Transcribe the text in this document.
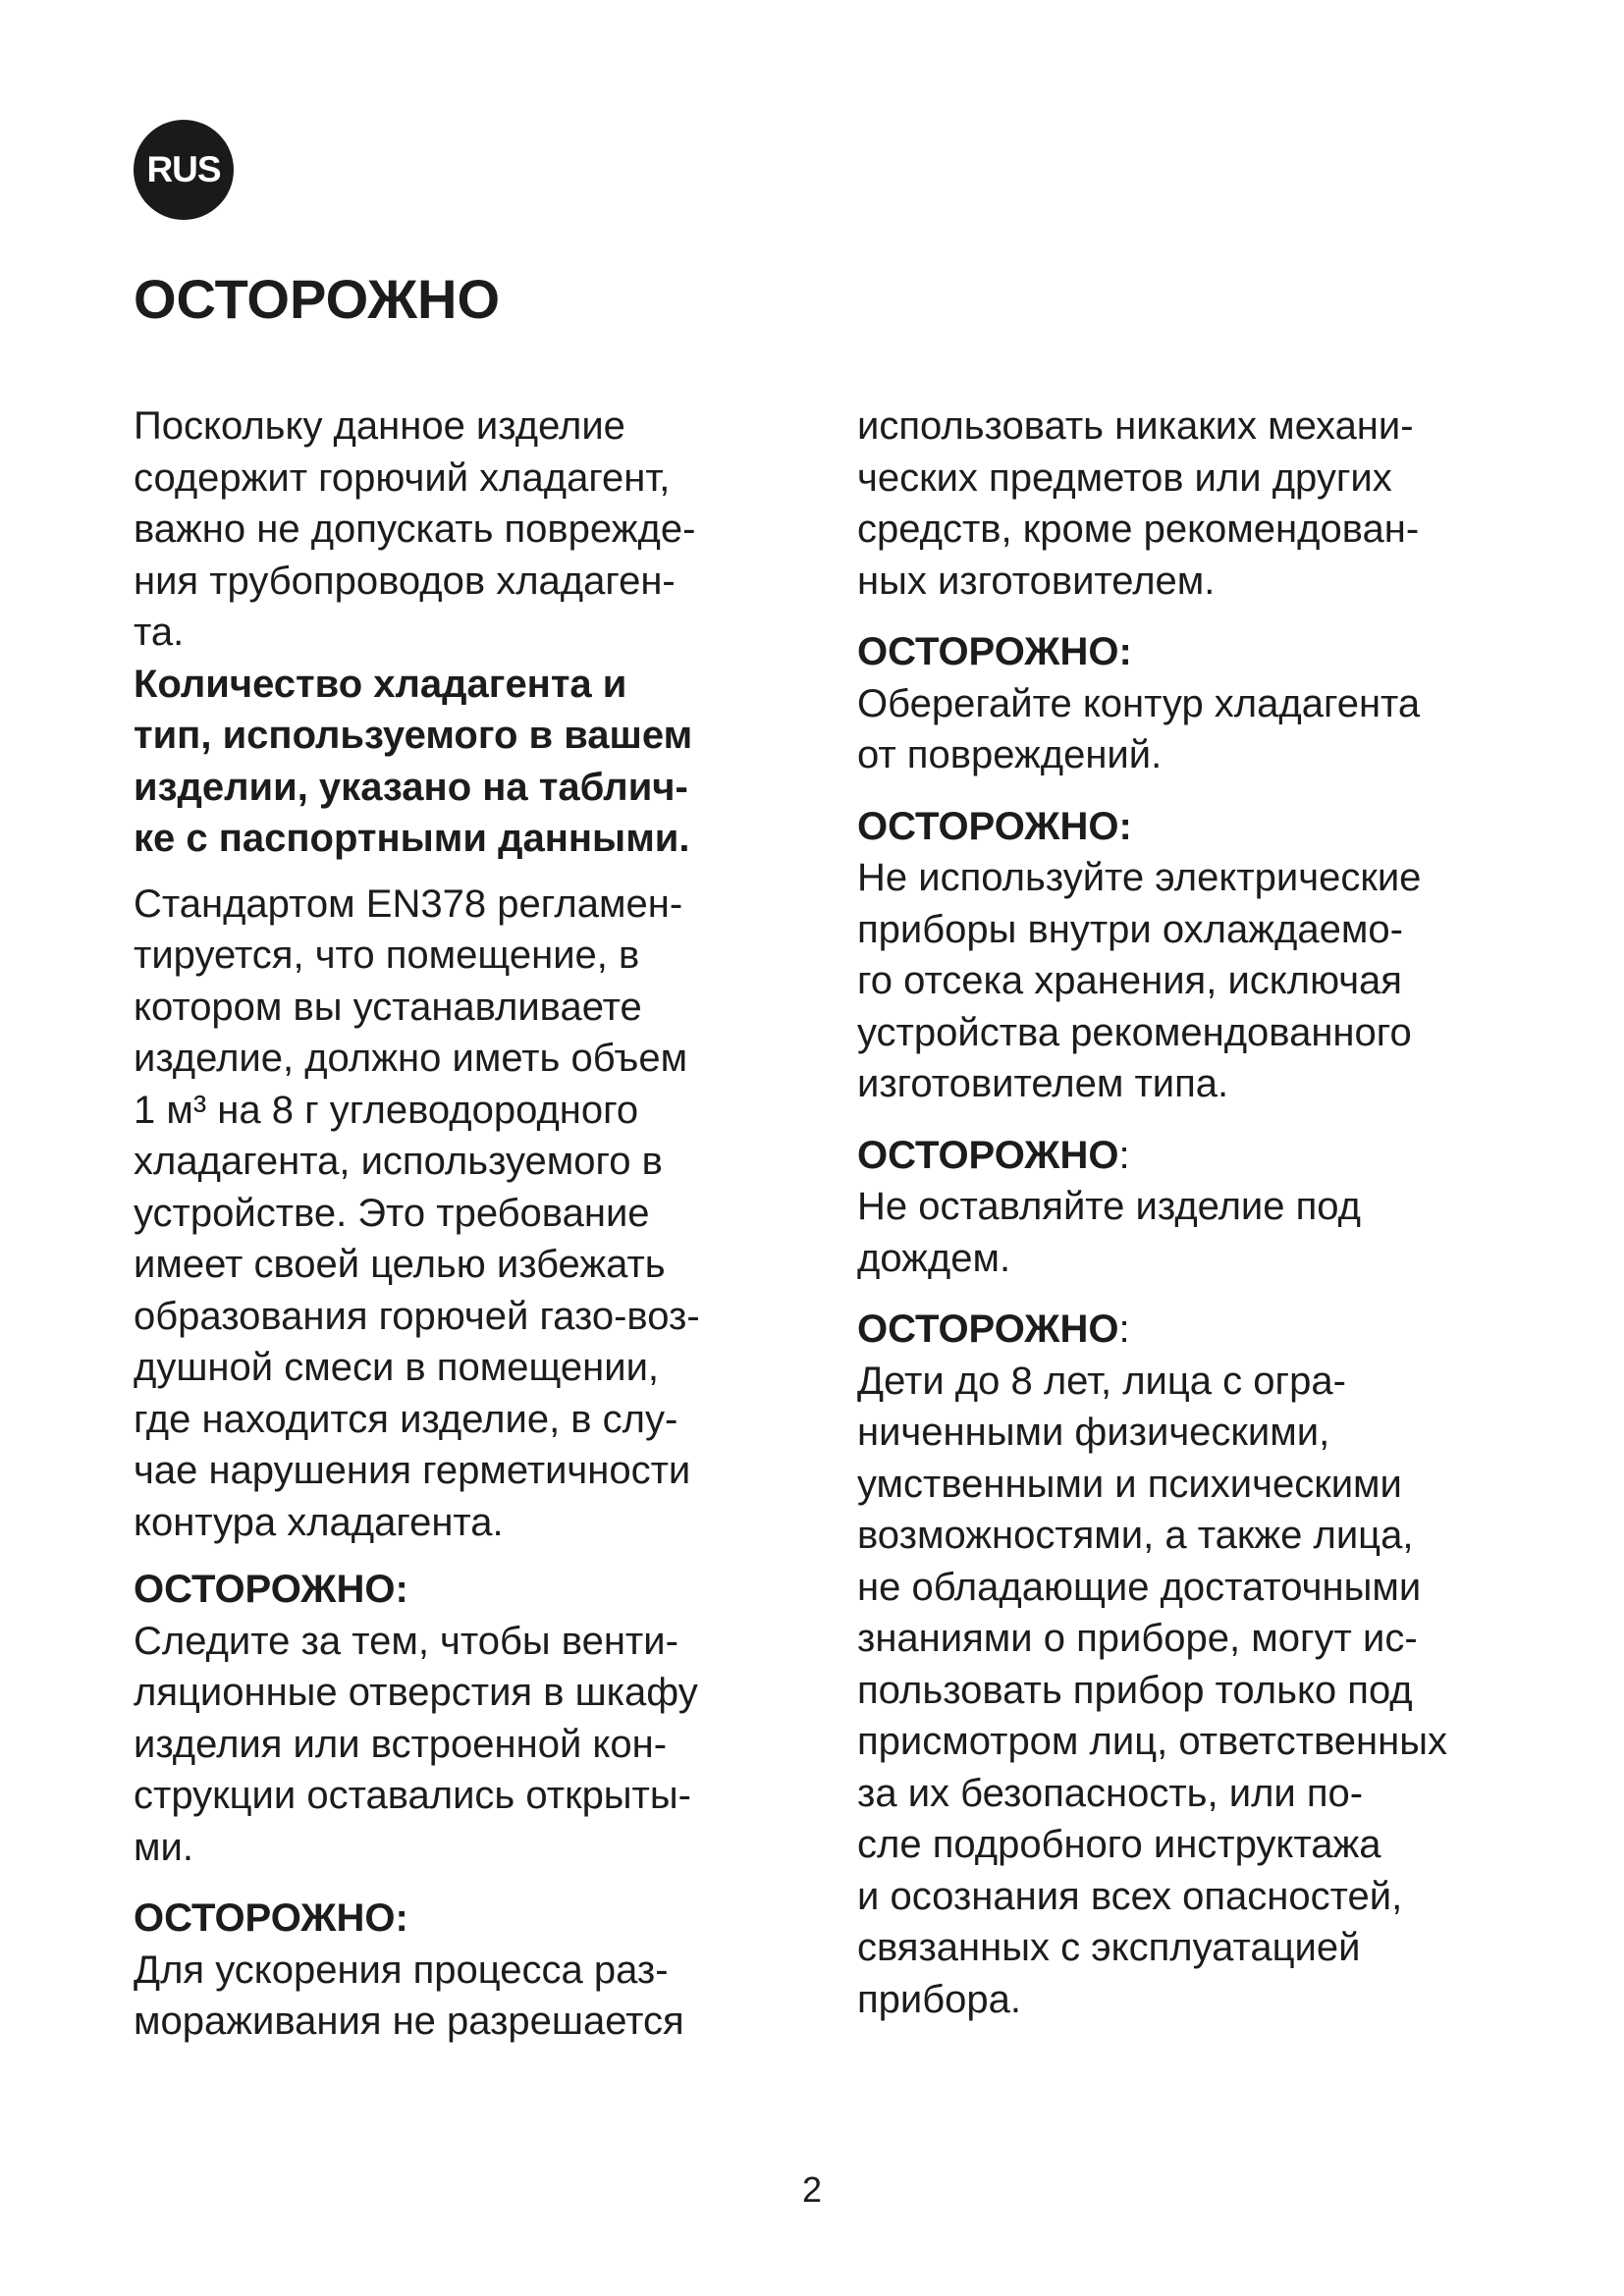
RUS
ОСТОРОЖНО
Поскольку данное изделие
содержит горючий хладагент,
важно не допускать поврежде-
ния трубопроводов хладаген-
та.
Количество хладагента и
тип, используемого в вашем
изделии, указано на таблич-
ке с паспортными данными.
Стандартом EN378 регламен-
тируется, что помещение, в
котором вы устанавливаете
изделие, должно иметь объем
1 м³ на 8 г углеводородного
хладагента, используемого в
устройстве. Это требование
имеет своей целью избежать
образования горючей газо-воз-
душной смеси в помещении,
где находится изделие, в слу-
чае нарушения герметичности
контура хладагента.
ОСТОРОЖНО:
Следите за тем, чтобы венти-
ляционные отверстия в шкафу
изделия или встроенной кон-
струкции оставались открыты-
ми.
ОСТОРОЖНО:
Для ускорения процесса раз-
мораживания не разрешается
использовать никаких механи-
ческих предметов или других
средств, кроме рекомендован-
ных изготовителем.
ОСТОРОЖНО:
Оберегайте контур хладагента
от повреждений.
ОСТОРОЖНО:
Не используйте электрические
приборы внутри охлаждаемо-
го отсека хранения, исключая
устройства рекомендованного
изготовителем типа.
ОСТОРОЖНО:
Не оставляйте изделие под
дождем.
ОСТОРОЖНО:
Дети до 8 лет, лица с огра-
ниченными физическими,
умственными и психическими
возможностями, а также лица,
не обладающие достаточными
знаниями о приборе, могут ис-
пользовать прибор только под
присмотром лиц, ответственных
за их безопасность, или по-
сле подробного инструктажа
и осознания всех опасностей,
связанных с эксплуатацией
прибора.
2
